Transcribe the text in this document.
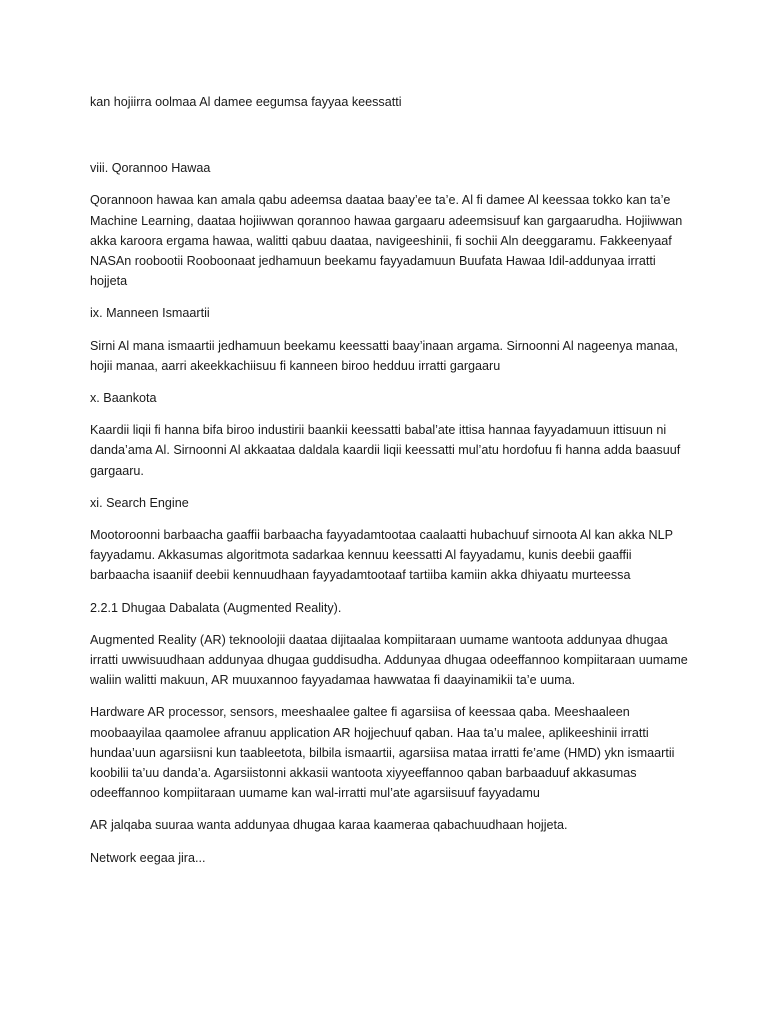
kan hojiirra oolmaa Al damee eegumsa fayyaa keessatti

viii. Qorannoo Hawaa

Qorannoon hawaa kan amala qabu adeemsa daataa baay’ee ta’e. Al fi damee Al keessaa tokko kan ta’e Machine Learning, daataa hojiiwwan qorannoo hawaa gargaaru adeemsisuuf kan gargaarudha. Hojiiwwan akka karoora ergama hawaa, walitti qabuu daataa, navigeeshinii, fi sochii Aln deeggaramu. Fakkeenyaaf NASAn roobootii Rooboonaat jedhamuun beekamu fayyadamuun Buufata Hawaa Idil-addunyaa irratti hojjeta

ix. Manneen Ismaartii

Sirni Al mana ismaartii jedhamuun beekamu keessatti baay’inaan argama. Sirnoonni Al nageenya manaa, hojii manaa, aarri akeekkachiisuu fi kanneen biroo hedduu irratti gargaaru

x. Baankota

Kaardii liqii fi hanna bifa biroo industirii baankii keessatti babal’ate ittisa hannaa fayyadamuun ittisuun ni danda’ama Al. Sirnoonni Al akkaataa daldala kaardii liqii keessatti mul’atu hordofuu fi hanna adda baasuuf gargaaru.

xi. Search Engine

Mootoroonni barbaacha gaaffii barbaacha fayyadamtootaa caalaatti hubachuuf sirnoota Al kan akka NLP fayyadamu. Akkasumas algoritmota sadarkaa kennuu keessatti Al fayyadamu, kunis deebii gaaffii barbaacha isaaniif deebii kennuudhaan fayyadamtootaaf tartiiba kamiin akka dhiyaatu murteessa

2.2.1 Dhugaa Dabalata (Augmented Reality).

Augmented Reality (AR) teknoolojii daataa dijitaalaa kompiitaraan uumame wantoota addunyaa dhugaa irratti uwwisuudhaan addunyaa dhugaa guddisudha. Addunyaa dhugaa odeeffannoo kompiitaraan uumame waliin walitti makuun, AR muuxannoo fayyadamaa hawwataa fi daayinamikii ta’e uuma.

Hardware AR processor, sensors, meeshaalee galtee fi agarsiisa of keessaa qaba. Meeshaaleen moobaayilaa qaamolee afranuu application AR hojjechuuf qaban. Haa ta’u malee, aplikeeshinii irratti hundaa’uun agarsiisni kun taableetota, bilbila ismaartii, agarsiisa mataa irratti fe’ame (HMD) ykn ismaartii koobilii ta’uu danda’a. Agarsiistonni akkasii wantoota xiyyeeffannoo qaban barbaaduuf akkasumas odeeffannoo kompiitaraan uumame kan wal-irratti mul’ate agarsiisuuf fayyadamu

AR jalqaba suuraa wanta addunyaa dhugaa karaa kaameraa qabachuudhaan hojjeta.

Network eegaa jira...
